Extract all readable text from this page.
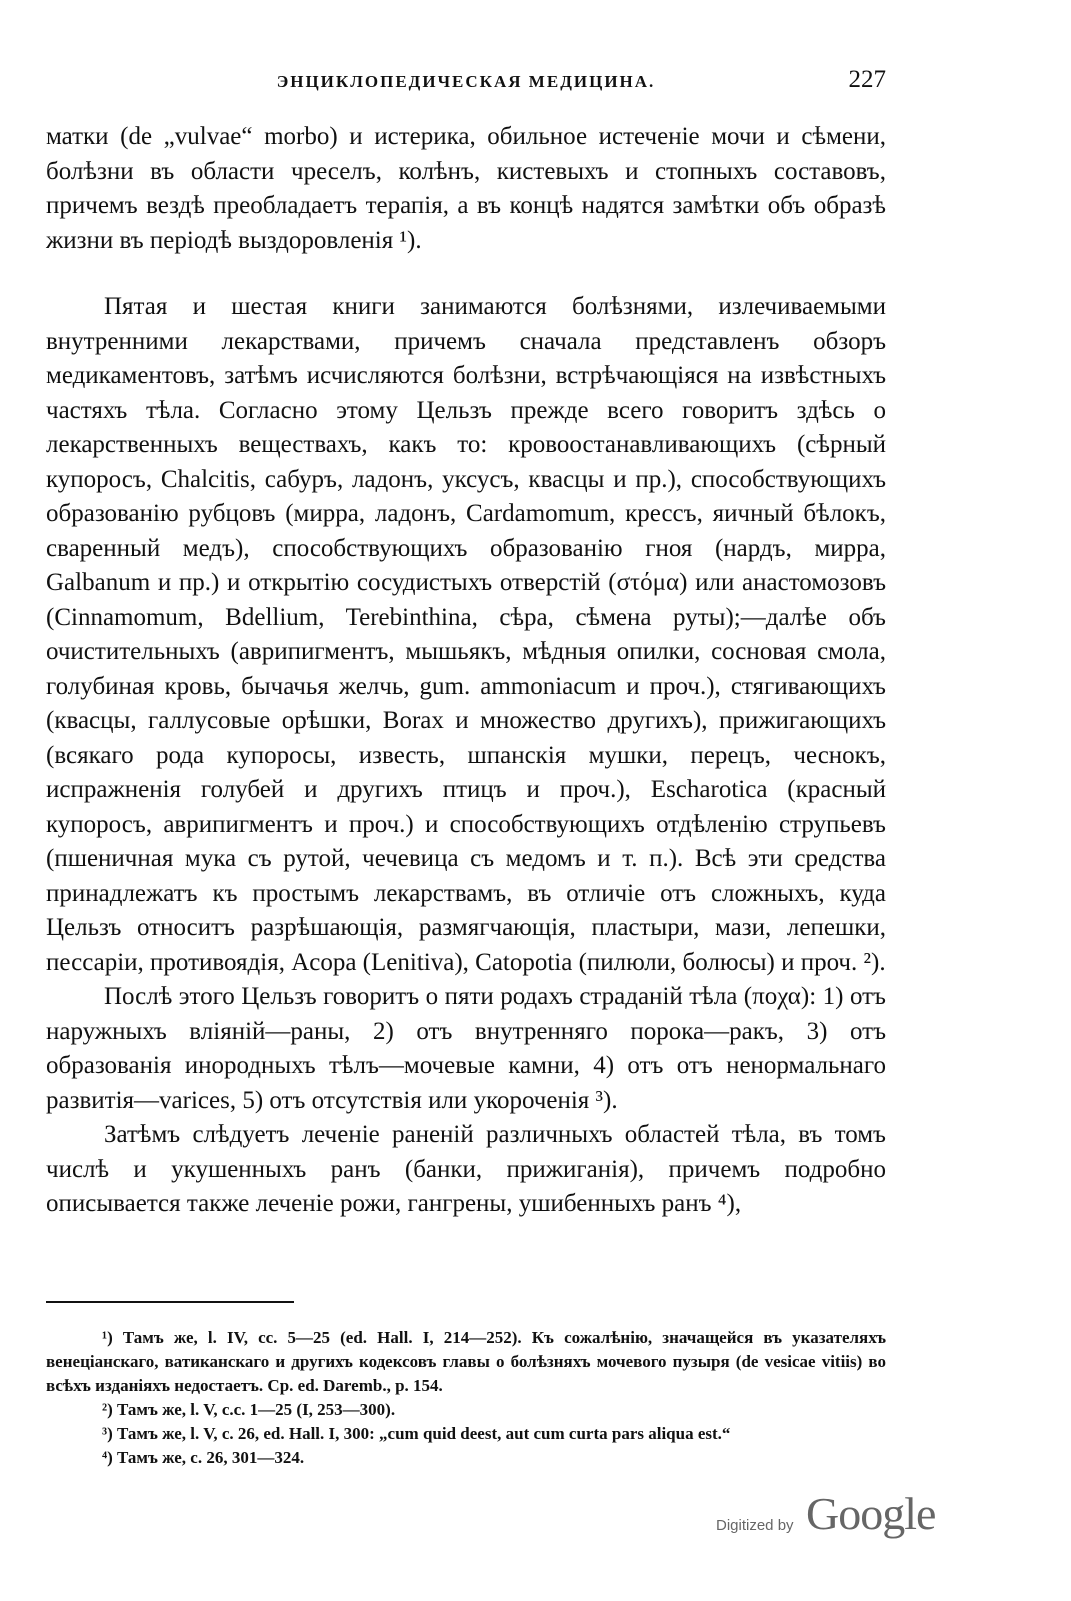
ЭНЦИКЛОПЕДИЧЕСКАЯ МЕДИЦИНА.	227

матки (de „vulvae“ morbo) и истерика, обильное истеченіе мочи и сѣмени, болѣзни въ области чреселъ, колѣнъ, кистевыхъ и стопныхъ составовъ, причемъ вездѣ преобладаетъ терапія, а въ концѣ надятся замѣтки объ образѣ жизни въ періодѣ выздоровленія ¹).

Пятая и шестая книги занимаются болѣзнями, излечиваемыми внутренними лекарствами, причемъ сначала представленъ обзоръ медикаментовъ, затѣмъ исчисляются болѣзни, встрѣчающіяся на извѣстныхъ частяхъ тѣла. Согласно этому Цельзъ прежде всего говоритъ здѣсь о лекарственныхъ веществахъ, какъ то: кровоостанавливающихъ (сѣрный купоросъ, Chalcitis, сабуръ, ладонъ, уксусъ, квасцы и пр.), способствующихъ образованію рубцовъ (мирра, ладонъ, Cardamomum, крессъ, яичный бѣлокъ, сваренный медъ), способствующихъ образованію гноя (нардъ, мирра, Galbanum и пр.) и открытію сосудистыхъ отверстій (στόμα) или анастомозовъ (Cinnamomum, Bdellium, Terebinthina, сѣра, сѣмена руты);—далѣе объ очистительныхъ (аврипигментъ, мышьякъ, мѣдныя опилки, сосновая смола, голубиная кровь, бычачья желчь, gum. ammoniacum и проч.), стягивающихъ (квасцы, галлусовые орѣшки, Borax и множество другихъ), прижигающихъ (всякаго рода купоросы, известь, шпанскія мушки, перецъ, чеснокъ, испражненія голубей и другихъ птицъ и проч.), Escharotica (красный купоросъ, аврипигментъ и проч.) и способствующихъ отдѣленію струпьевъ (пшеничная мука съ рутой, чечевица съ медомъ и т. п.). Всѣ эти средства принадлежатъ къ простымъ лекарствамъ, въ отличіе отъ сложныхъ, куда Цельзъ относитъ разрѣшающія, размягчающія, пластыри, мази, лепешки, пессаріи, противоядія, Acopa (Lenitiva), Catopotia (пилюли, болюсы) и проч. ²).

Послѣ этого Цельзъ говоритъ о пяти родахъ страданій тѣла (ποχα): 1) отъ наружныхъ вліяній—раны, 2) отъ внутренняго порока—ракъ, 3) отъ образованія инородныхъ тѣлъ—мочевые камни, 4) отъ отъ ненормальнаго развитія—varices, 5) отъ отсутствія или укороченія ³).

Затѣмъ слѣдуетъ леченіе раненій различныхъ областей тѣла, въ томъ числѣ и укушенныхъ ранъ (банки, прижиганія), причемъ подробно описывается также леченіе рожи, гангрены, ушибенныхъ ранъ ⁴),

¹) Тамъ же, l. IV, cc. 5—25 (ed. Hall. I, 214—252). Къ сожалѣнію, значащейся въ указателяхъ венеціанскаго, ватиканскаго и другихъ кодексовъ главы о болѣзняхъ мочевого пузыря (de vesicae vitiis) во всѣхъ изданіяхъ недостаетъ. Cp. ed. Daremb., p. 154.

²) Тамъ же, l. V, c.c. 1—25 (I, 253—300).

³) Тамъ же, l. V, c. 26, ed. Hall. I, 300: „cum quid deest, aut cum curta pars aliqua est.“

⁴) Тамъ же, c. 26, 301—324.

Digitized by Google
